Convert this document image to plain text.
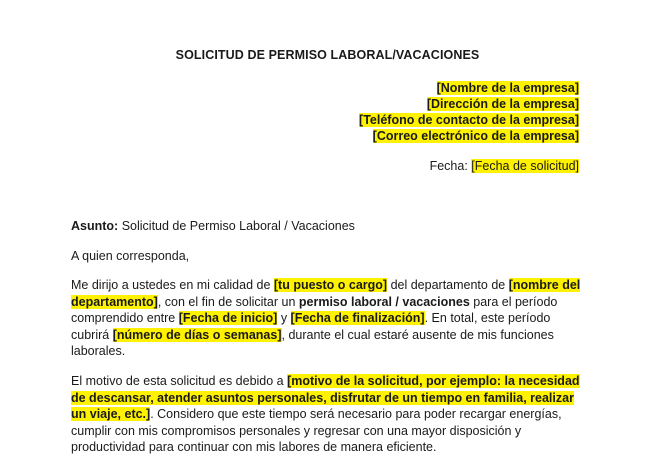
SOLICITUD DE PERMISO LABORAL/VACACIONES
[Nombre de la empresa]
[Dirección de la empresa]
[Teléfono de contacto de la empresa]
[Correo electrónico de la empresa]
Fecha: [Fecha de solicitud]
Asunto: Solicitud de Permiso Laboral / Vacaciones
A quien corresponda,
Me dirijo a ustedes en mi calidad de [tu puesto o cargo] del departamento de [nombre del
departamento], con el fin de solicitar un permiso laboral / vacaciones para el período
comprendido entre [Fecha de inicio] y [Fecha de finalización]. En total, este período
cubrirá [número de días o semanas], durante el cual estaré ausente de mis funciones
laborales.
El motivo de esta solicitud es debido a [motivo de la solicitud, por ejemplo: la necesidad
de descansar, atender asuntos personales, disfrutar de un tiempo en familia, realizar
un viaje, etc.]. Considero que este tiempo será necesario para poder recargar energías,
cumplir con mis compromisos personales y regresar con una mayor disposición y
productividad para continuar con mis labores de manera eficiente.
